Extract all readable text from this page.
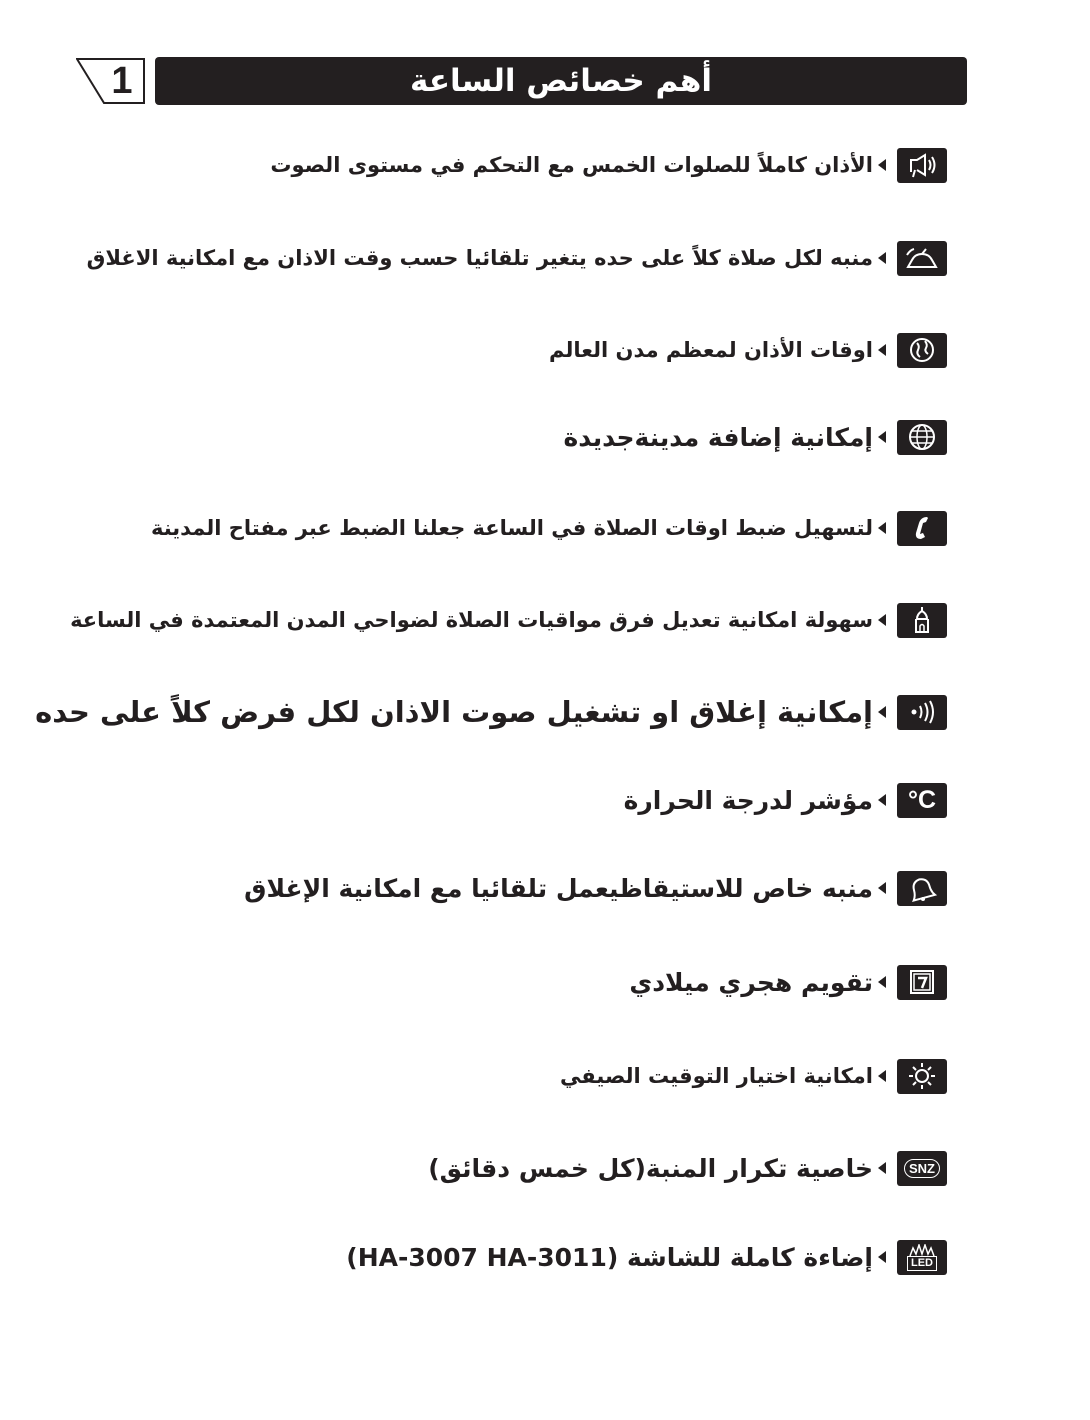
1	أهم خصائص الساعة
الأذان كاملاً للصلوات الخمس مع التحكم في مستوى الصوت
منبه لكل صلاة كلاً على حده يتغير تلقائيا حسب وقت الاذان مع امكانية الاغلاق
اوقات الأذان لمعظم مدن العالم
إمكانية إضافة مدينةجديدة
لتسهيل ضبط اوقات الصلاة في الساعة جعلنا الضبط عبر مفتاح المدينة
سهولة امكانية تعديل فرق مواقيات الصلاة لضواحي المدن المعتمدة في الساعة
إمكانية إغلاق او تشغيل صوت الاذان لكل فرض كلاً على حده
°C
مؤشر لدرجة الحرارة
منبه خاص للاستيقاظيعمل تلقائيا مع امكانية الإغلاق
تقويم هجري ميلادي
امكانية اختيار التوقيت الصيفي
SNZ
خاصية تكرار المنبة(كل خمس دقائق)
LED
إضاءة كاملة للشاشة (HA-3007 HA-3011)
